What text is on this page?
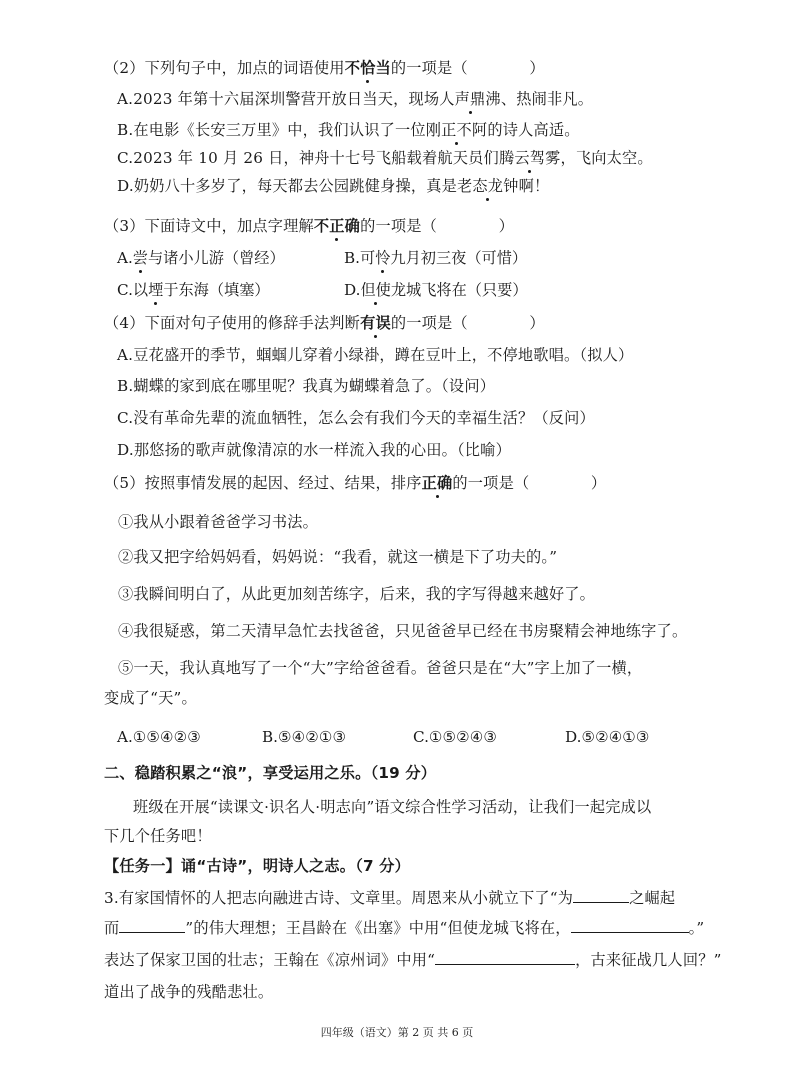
（2）下列句子中，加点的词语使用不恰当的一项是（　　　　）
A.2023 年第十六届深圳警营开放日当天，现场人声鼎沸、热闹非凡。
B.在电影《长安三万里》中，我们认识了一位刚正不阿的诗人高适。
C.2023 年 10 月 26 日，神舟十七号飞船载着航天员们腾云驾雾，飞向太空。
D.奶奶八十多岁了，每天都去公园跳健身操，真是老态龙钟啊！
（3）下面诗文中，加点字理解不正确的一项是（　　　　）
A.尝与诸小儿游（曾经）	B.可怜九月初三夜（可惜）
C.以堙于东海（填塞）	D.但使龙城飞将在（只要）
（4）下面对句子使用的修辞手法判断有误的一项是（　　　　）
A.豆花盛开的季节，蝈蝈儿穿着小绿褂，蹲在豆叶上，不停地歌唱。（拟人）
B.蝴蝶的家到底在哪里呢？我真为蝴蝶着急了。（设问）
C.没有革命先辈的流血牺牲，怎么会有我们今天的幸福生活？（反问）
D.那悠扬的歌声就像清凉的水一样流入我的心田。（比喻）
（5）按照事情发展的起因、经过、结果，排序正确的一项是（　　　　）
①我从小跟着爸爸学习书法。
②我又把字给妈妈看，妈妈说：“我看，就这一横是下了功夫的。”
③我瞬间明白了，从此更加刻苦练字，后来，我的字写得越来越好了。
④我很疑惑，第二天清早急忙去找爸爸，只见爸爸早已经在书房聚精会神地练字了。
⑤一天，我认真地写了一个“大”字给爸爸看。爸爸只是在“大”字上加了一横，
变成了“天”。
A.①⑤④②③	B.⑤④②①③	C.①⑤②④③	D.⑤②④①③
二、稳踏积累之“浪”，享受运用之乐。（19 分）
班级在开展“读课文·识名人·明志向”语文综合性学习活动，让我们一起完成以
下几个任务吧！
【任务一】诵“古诗”，明诗人之志。（7 分）
3.有家国情怀的人把志向融进古诗、文章里。周恩来从小就立下了“为	之崛起
而	”的伟大理想；王昌龄在《出塞》中用“但使龙城飞将在，	。”
表达了保家卫国的壮志；王翰在《凉州词》中用“	，古来征战几人回？”
道出了战争的残酷悲壮。
四年级（语文）第 2 页 共 6 页
